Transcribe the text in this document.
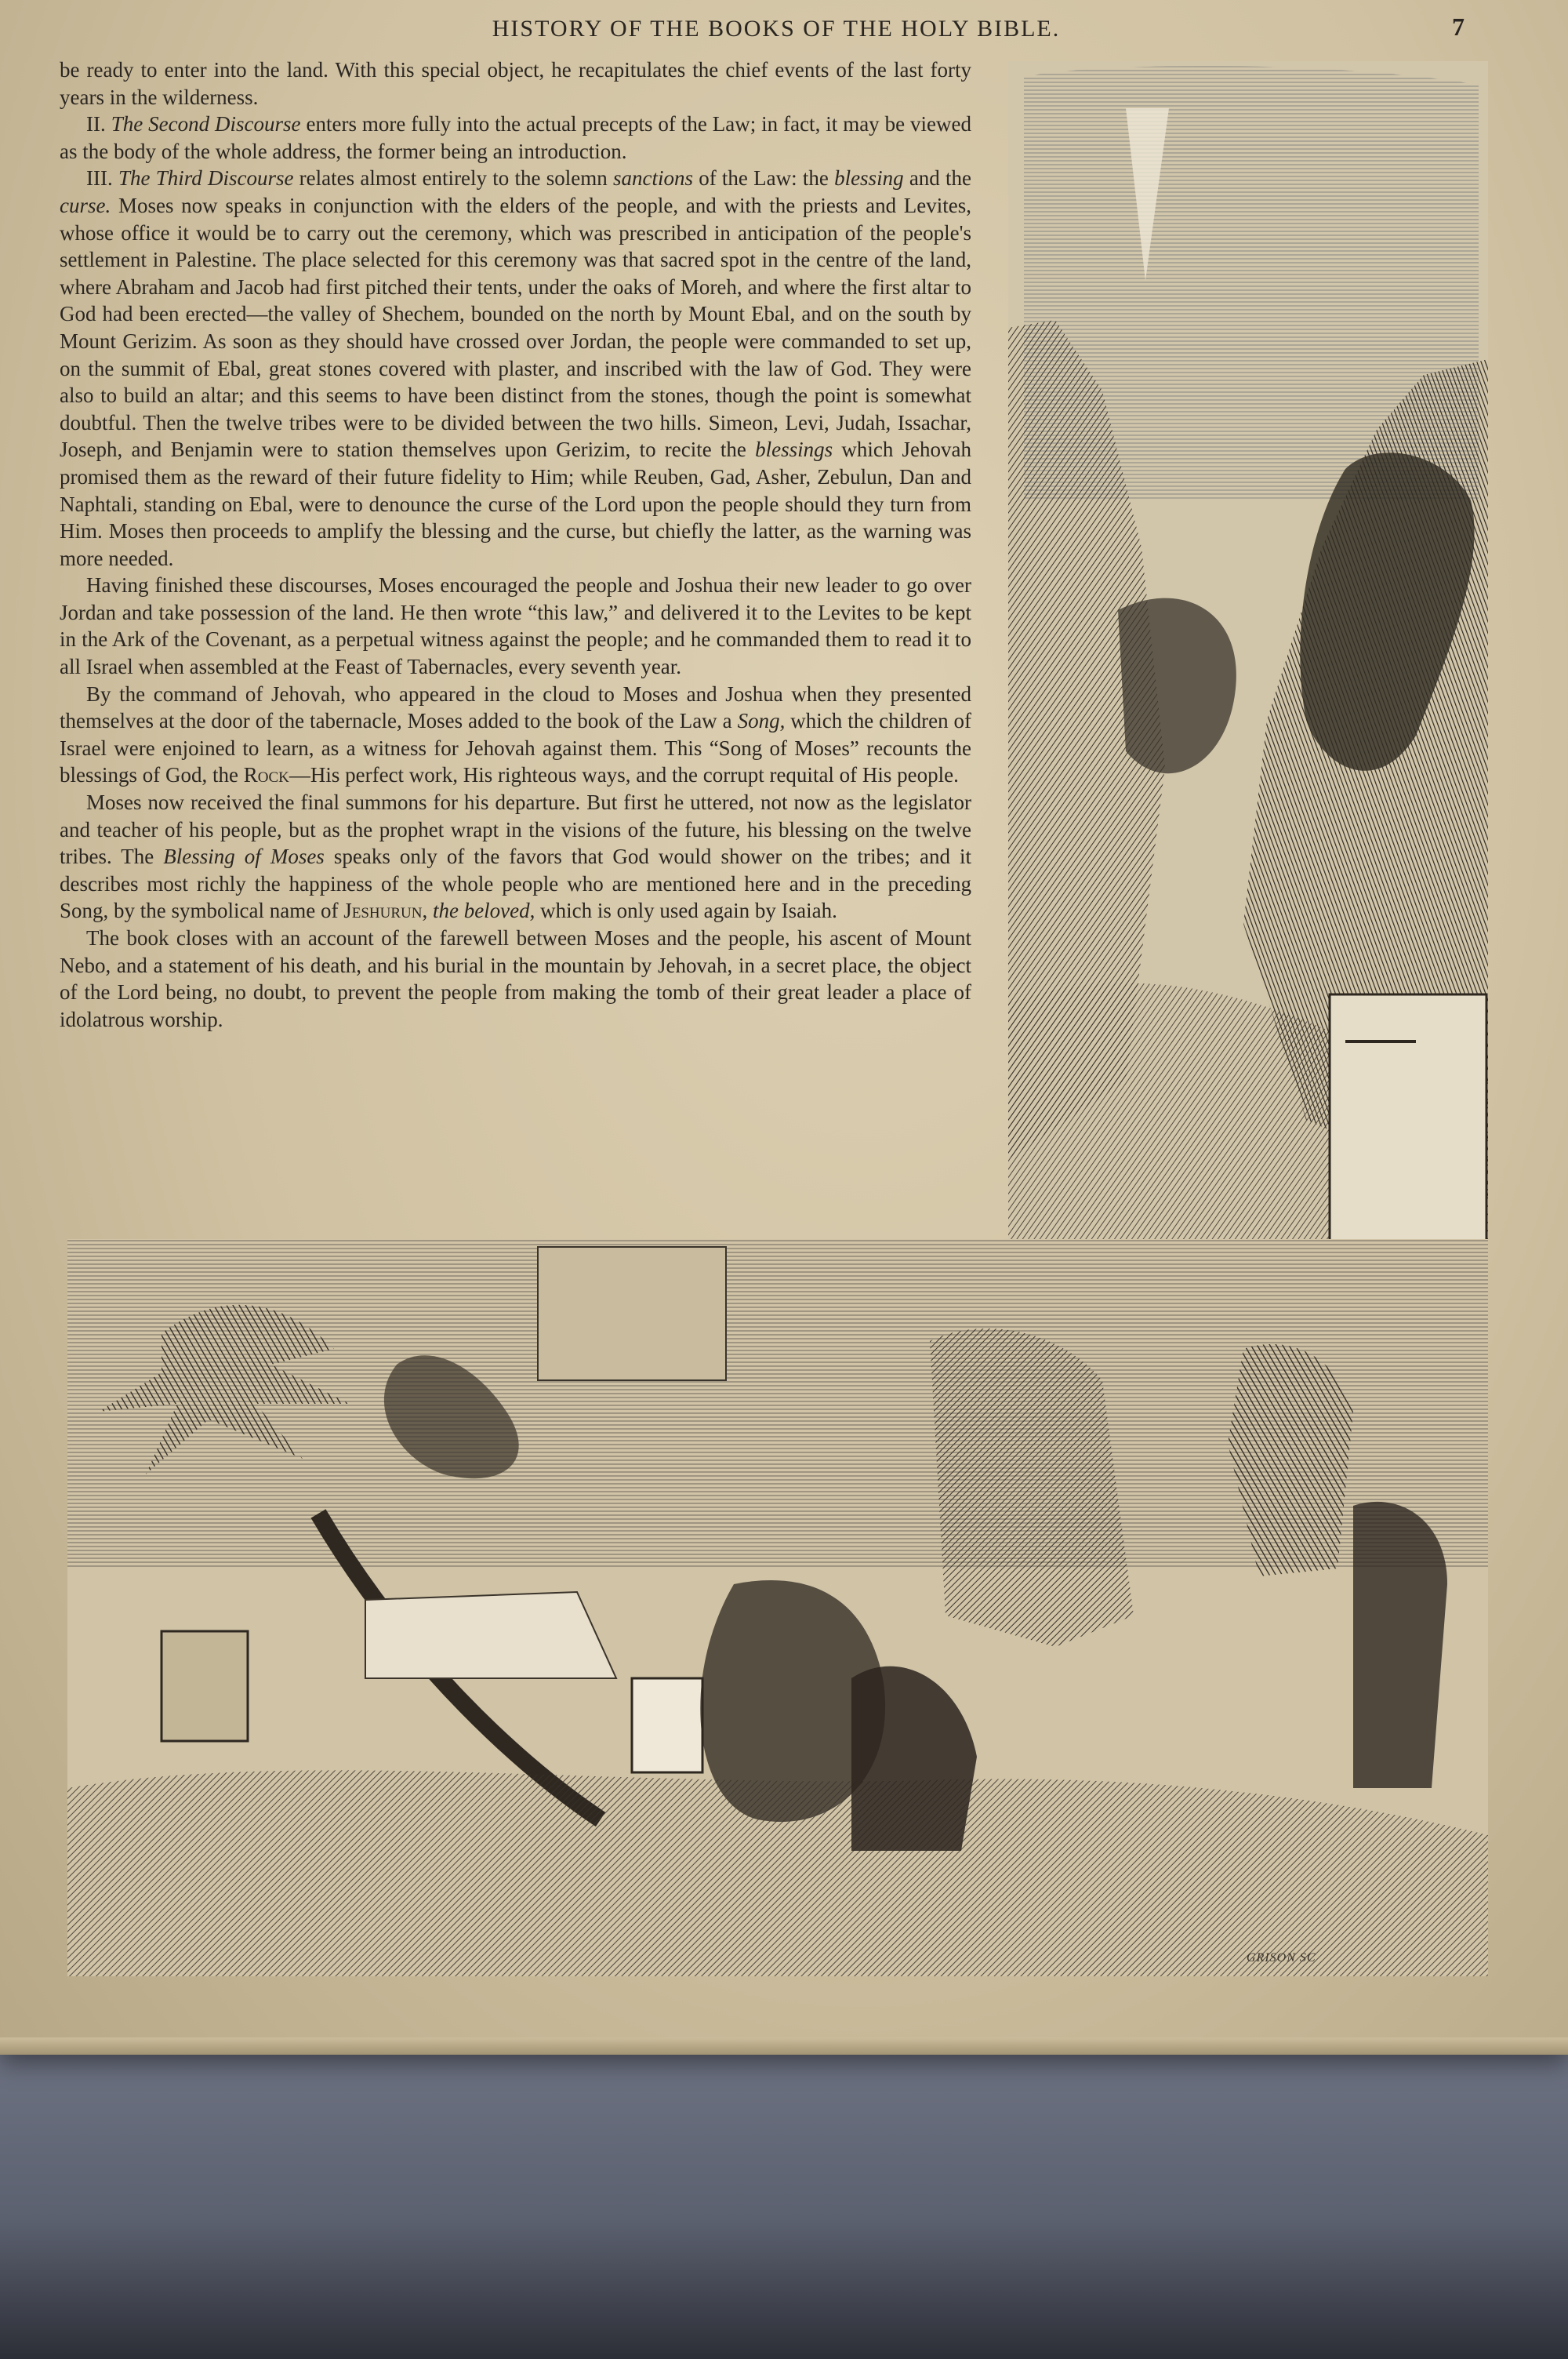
HISTORY OF THE BOOKS OF THE HOLY BIBLE.	7

be ready to enter into the land. With this special object, he recapitulates the chief events of the last forty years in the wilderness.

II. The Second Discourse enters more fully into the actual precepts of the Law; in fact, it may be viewed as the body of the whole address, the former being an introduction.

III. The Third Discourse relates almost entirely to the solemn sanctions of the Law: the blessing and the curse. Moses now speaks in conjunction with the elders of the people, and with the priests and Levites, whose office it would be to carry out the ceremony, which was prescribed in anticipation of the people's settlement in Palestine. The place selected for this ceremony was that sacred spot in the centre of the land, where Abraham and Jacob had first pitched their tents, under the oaks of Moreh, and where the first altar to God had been erected—the valley of Shechem, bounded on the north by Mount Ebal, and on the south by Mount Gerizim. As soon as they should have crossed over Jordan, the people were commanded to set up, on the summit of Ebal, great stones covered with plaster, and inscribed with the law of God. They were also to build an altar; and this seems to have been distinct from the stones, though the point is somewhat doubtful. Then the twelve tribes were to be divided between the two hills. Simeon, Levi, Judah, Issachar, Joseph, and Benjamin were to station themselves upon Gerizim, to recite the blessings which Jehovah promised them as the reward of their future fidelity to Him; while Reuben, Gad, Asher, Zebulun, Dan and Naphtali, standing on Ebal, were to denounce the curse of the Lord upon the people should they turn from Him. Moses then proceeds to amplify the blessing and the curse, but chiefly the latter, as the warning was more needed.

Having finished these discourses, Moses encouraged the people and Joshua their new leader to go over Jordan and take possession of the land. He then wrote “this law,” and delivered it to the Levites to be kept in the Ark of the Covenant, as a perpetual witness against the people; and he commanded them to read it to all Israel when assembled at the Feast of Tabernacles, every seventh year.

By the command of Jehovah, who appeared in the cloud to Moses and Joshua when they presented themselves at the door of the tabernacle, Moses added to the book of the Law a Song, which the children of Israel were enjoined to learn, as a witness for Jehovah against them. This “Song of Moses” recounts the blessings of God, the Rock—His perfect work, His righteous ways, and the corrupt requital of His people.

Moses now received the final summons for his departure. But first he uttered, not now as the legislator and teacher of his people, but as the prophet wrapt in the visions of the future, his blessing on the twelve tribes. The Blessing of Moses speaks only of the favors that God would shower on the tribes; and it describes most richly the happiness of the whole people who are mentioned here and in the preceding Song, by the symbolical name of Jeshurun, the beloved, which is only used again by Isaiah.

The book closes with an account of the farewell between Moses and the people, his ascent of Mount Nebo, and a statement of his death, and his burial in the mountain by Jehovah, in a secret place, the object of the Lord being, no doubt, to prevent the people from making the tomb of their great leader a place of idolatrous worship.

GRISON SC
